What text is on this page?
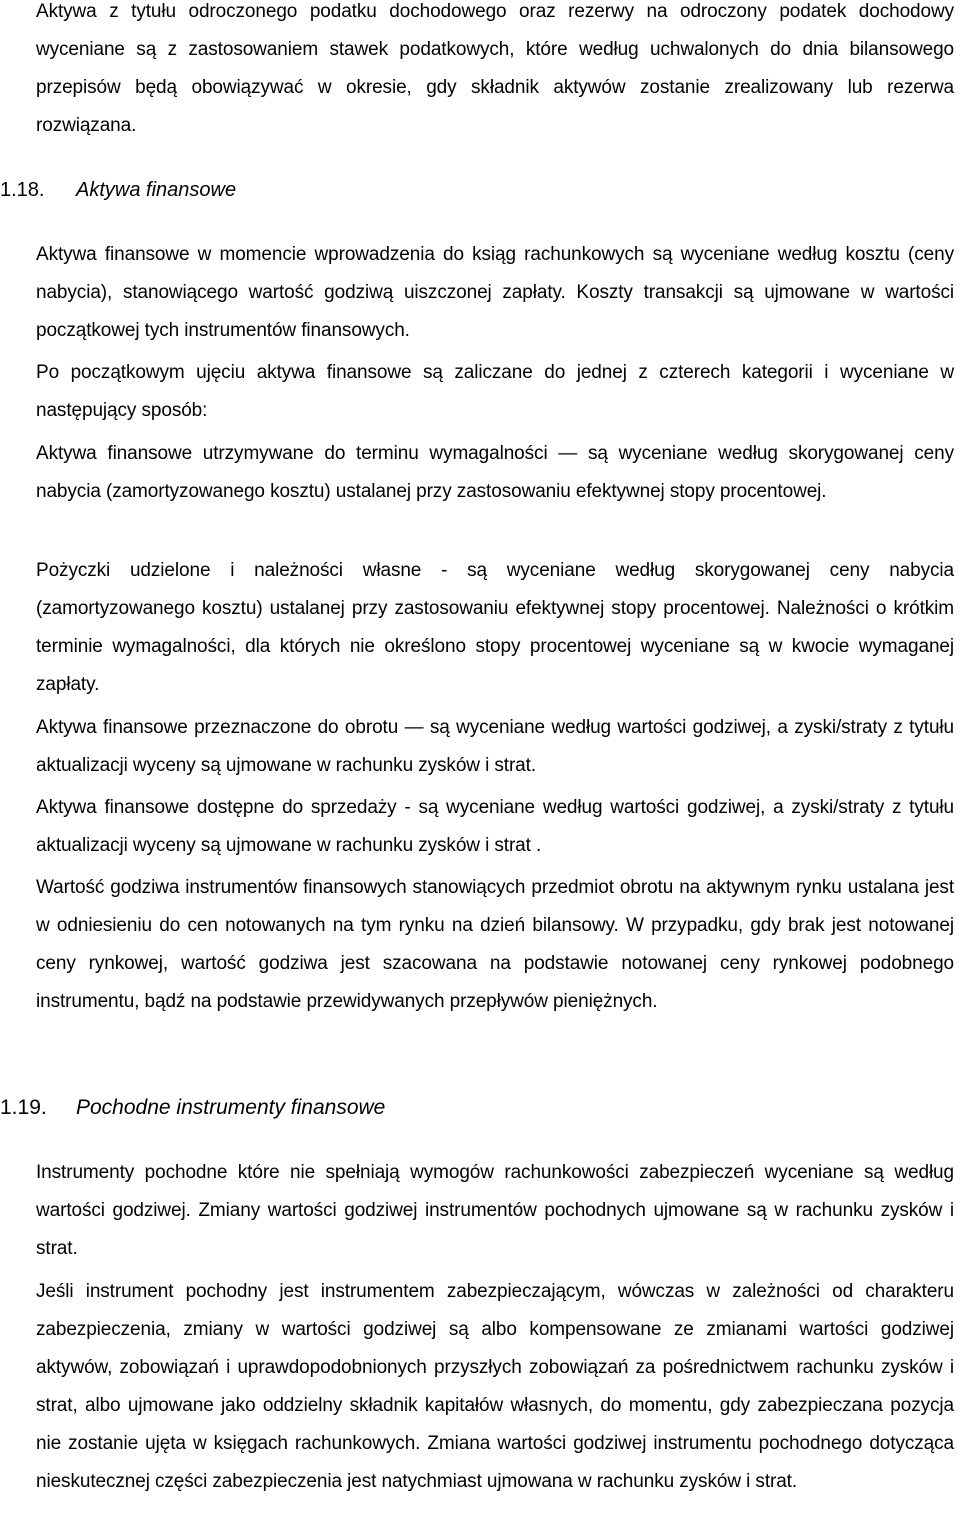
Aktywa z tytułu odroczonego podatku dochodowego oraz rezerwy na odroczony podatek dochodowy wyceniane są z zastosowaniem stawek podatkowych, które według uchwalonych do dnia bilansowego przepisów będą obowiązywać w okresie, gdy składnik aktywów zostanie zrealizowany lub rezerwa rozwiązana.

1.18. Aktywa finansowe

Aktywa finansowe w momencie wprowadzenia do ksiąg rachunkowych są wyceniane według kosztu (ceny nabycia), stanowiącego wartość godziwą uiszczonej zapłaty. Koszty transakcji są ujmowane w wartości początkowej tych instrumentów finansowych.

Po początkowym ujęciu aktywa finansowe są zaliczane do jednej z czterech kategorii i wyceniane w następujący sposób:

Aktywa finansowe utrzymywane do terminu wymagalności — są wyceniane według skorygowanej ceny nabycia (zamortyzowanego kosztu) ustalanej przy zastosowaniu efektywnej stopy procentowej.

Pożyczki udzielone i należności własne - są wyceniane według skorygowanej ceny nabycia (zamortyzowanego kosztu) ustalanej przy zastosowaniu efektywnej stopy procentowej. Należności o krótkim terminie wymagalności, dla których nie określono stopy procentowej wyceniane są w kwocie wymaganej zapłaty.

Aktywa finansowe przeznaczone do obrotu — są wyceniane według wartości godziwej, a zyski/straty z tytułu aktualizacji wyceny są ujmowane w rachunku zysków i strat.

Aktywa finansowe dostępne do sprzedaży - są wyceniane według wartości godziwej, a zyski/straty z tytułu aktualizacji wyceny są ujmowane w rachunku zysków i strat .

Wartość godziwa instrumentów finansowych stanowiących przedmiot obrotu na aktywnym rynku ustalana jest w odniesieniu do cen notowanych na tym rynku na dzień bilansowy. W przypadku, gdy brak jest notowanej ceny rynkowej, wartość godziwa jest szacowana na podstawie notowanej ceny rynkowej podobnego instrumentu, bądź na podstawie przewidywanych przepływów pieniężnych.

1.19. Pochodne instrumenty finansowe

Instrumenty pochodne które nie spełniają wymogów rachunkowości zabezpieczeń wyceniane są według wartości godziwej. Zmiany wartości godziwej instrumentów pochodnych ujmowane są w rachunku zysków i strat.

Jeśli instrument pochodny jest instrumentem zabezpieczającym, wówczas w zależności od charakteru zabezpieczenia, zmiany w wartości godziwej są albo kompensowane ze zmianami wartości godziwej aktywów, zobowiązań i uprawdopodobnionych przyszłych zobowiązań za pośrednictwem rachunku zysków i strat, albo ujmowane jako oddzielny składnik kapitałów własnych, do momentu, gdy zabezpieczana pozycja nie zostanie ujęta w księgach rachunkowych. Zmiana wartości godziwej instrumentu pochodnego dotycząca nieskutecznej części zabezpieczenia jest natychmiast ujmowana w rachunku zysków i strat.
